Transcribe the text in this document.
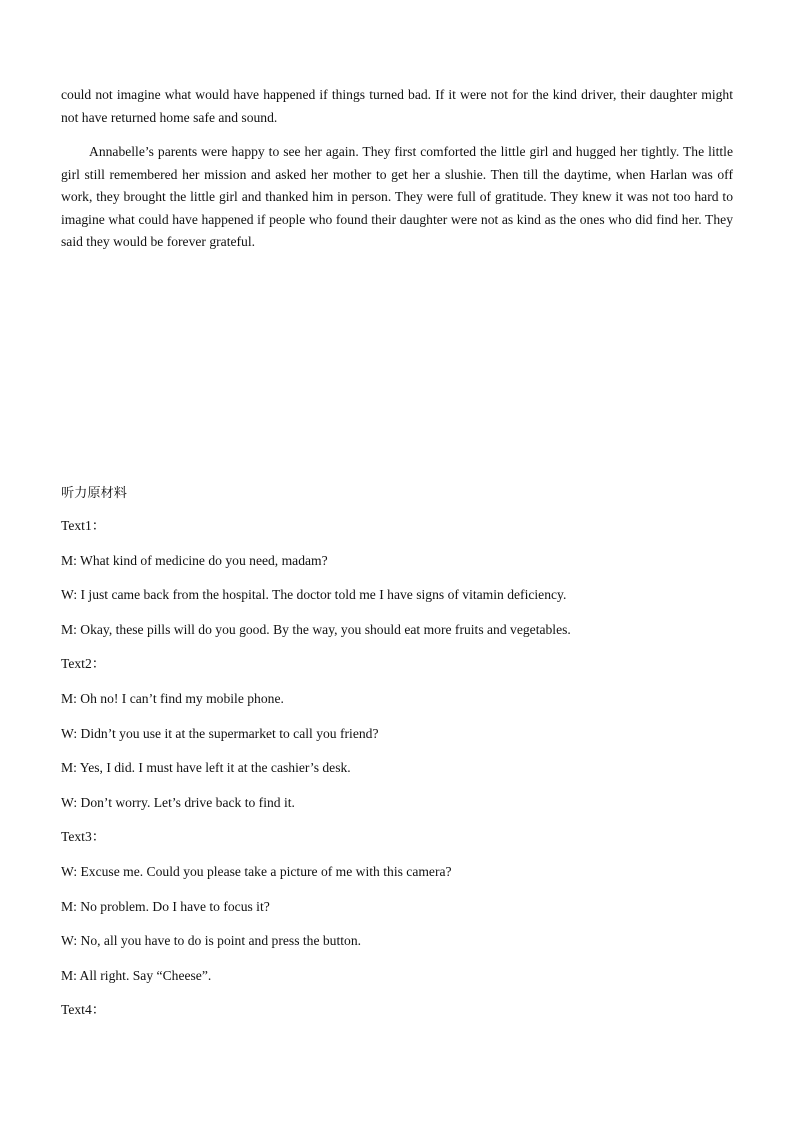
could not imagine what would have happened if things turned bad. If it were not for the kind driver, their daughter might not have returned home safe and sound.

Annabelle’s parents were happy to see her again. They first comforted the little girl and hugged her tightly. The little girl still remembered her mission and asked her mother to get her a slushie. Then till the daytime, when Harlan was off work, they brought the little girl and thanked him in person. They were full of gratitude. They knew it was not too hard to imagine what could have happened if people who found their daughter were not as kind as the ones who did find her. They said they would be forever grateful.

听力原材料
Text1：
M: What kind of medicine do you need, madam?
W: I just came back from the hospital. The doctor told me I have signs of vitamin deficiency.
M: Okay, these pills will do you good. By the way, you should eat more fruits and vegetables.
Text2：
M: Oh no! I can’t find my mobile phone.
W: Didn’t you use it at the supermarket to call you friend?
M: Yes, I did. I must have left it at the cashier’s desk.
W: Don’t worry. Let’s drive back to find it.
Text3：
W: Excuse me. Could you please take a picture of me with this camera?
M: No problem. Do I have to focus it?
W: No, all you have to do is point and press the button.
M: All right. Say “Cheese”.
Text4：
